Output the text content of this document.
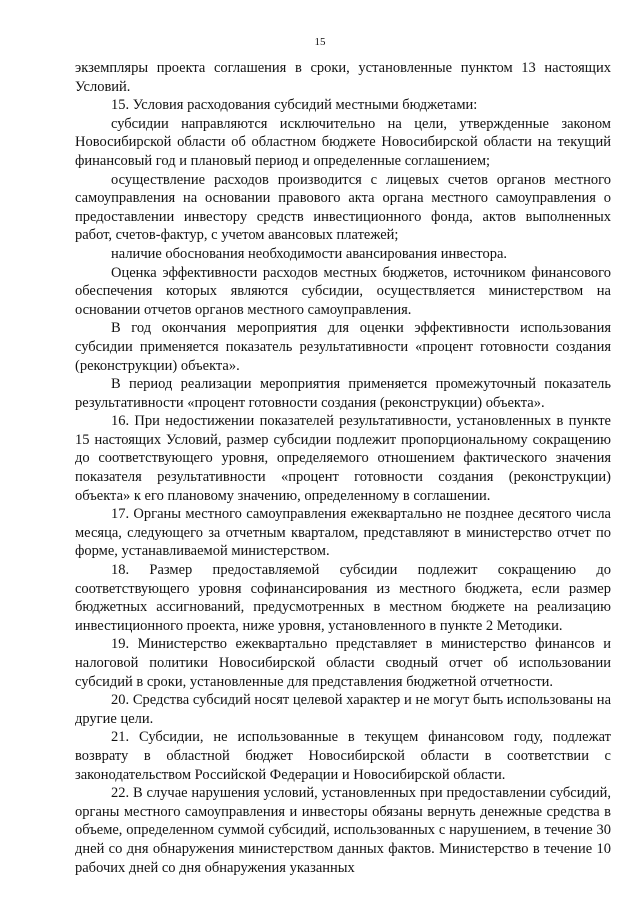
15

экземпляры проекта соглашения в сроки, установленные пунктом 13 настоящих Условий.

15. Условия расходования субсидий местными бюджетами:

субсидии направляются исключительно на цели, утвержденные законом Новосибирской области об областном бюджете Новосибирской области на текущий финансовый год и плановый период и определенные соглашением;

осуществление расходов производится с лицевых счетов органов местного самоуправления на основании правового акта органа местного самоуправления о предоставлении инвестору средств инвестиционного фонда, актов выполненных работ, счетов-фактур, с учетом авансовых платежей;

наличие обоснования необходимости авансирования инвестора.

Оценка эффективности расходов местных бюджетов, источником финансового обеспечения которых являются субсидии, осуществляется министерством на основании отчетов органов местного самоуправления.

В год окончания мероприятия для оценки эффективности использования субсидии применяется показатель результативности «процент готовности создания (реконструкции) объекта».

В период реализации мероприятия применяется промежуточный показатель результативности «процент готовности создания (реконструкции) объекта».

16. При недостижении показателей результативности, установленных в пункте 15 настоящих Условий, размер субсидии подлежит пропорциональному сокращению до соответствующего уровня, определяемого отношением фактического значения показателя результативности «процент готовности создания (реконструкции) объекта» к его плановому значению, определенному в соглашении.

17. Органы местного самоуправления ежеквартально не позднее десятого числа месяца, следующего за отчетным кварталом, представляют в министерство отчет по форме, устанавливаемой министерством.

18. Размер предоставляемой субсидии подлежит сокращению до соответствующего уровня софинансирования из местного бюджета, если размер бюджетных ассигнований, предусмотренных в местном бюджете на реализацию инвестиционного проекта, ниже уровня, установленного в пункте 2 Методики.

19. Министерство ежеквартально представляет в министерство финансов и налоговой политики Новосибирской области сводный отчет об использовании субсидий в сроки, установленные для представления бюджетной отчетности.

20. Средства субсидий носят целевой характер и не могут быть использованы на другие цели.

21. Субсидии, не использованные в текущем финансовом году, подлежат возврату в областной бюджет Новосибирской области в соответствии с законодательством Российской Федерации и Новосибирской области.

22. В случае нарушения условий, установленных при предоставлении субсидий, органы местного самоуправления и инвесторы обязаны вернуть денежные средства в объеме, определенном суммой субсидий, использованных с нарушением, в течение 30 дней со дня обнаружения министерством данных фактов. Министерство в течение 10 рабочих дней со дня обнаружения указанных
